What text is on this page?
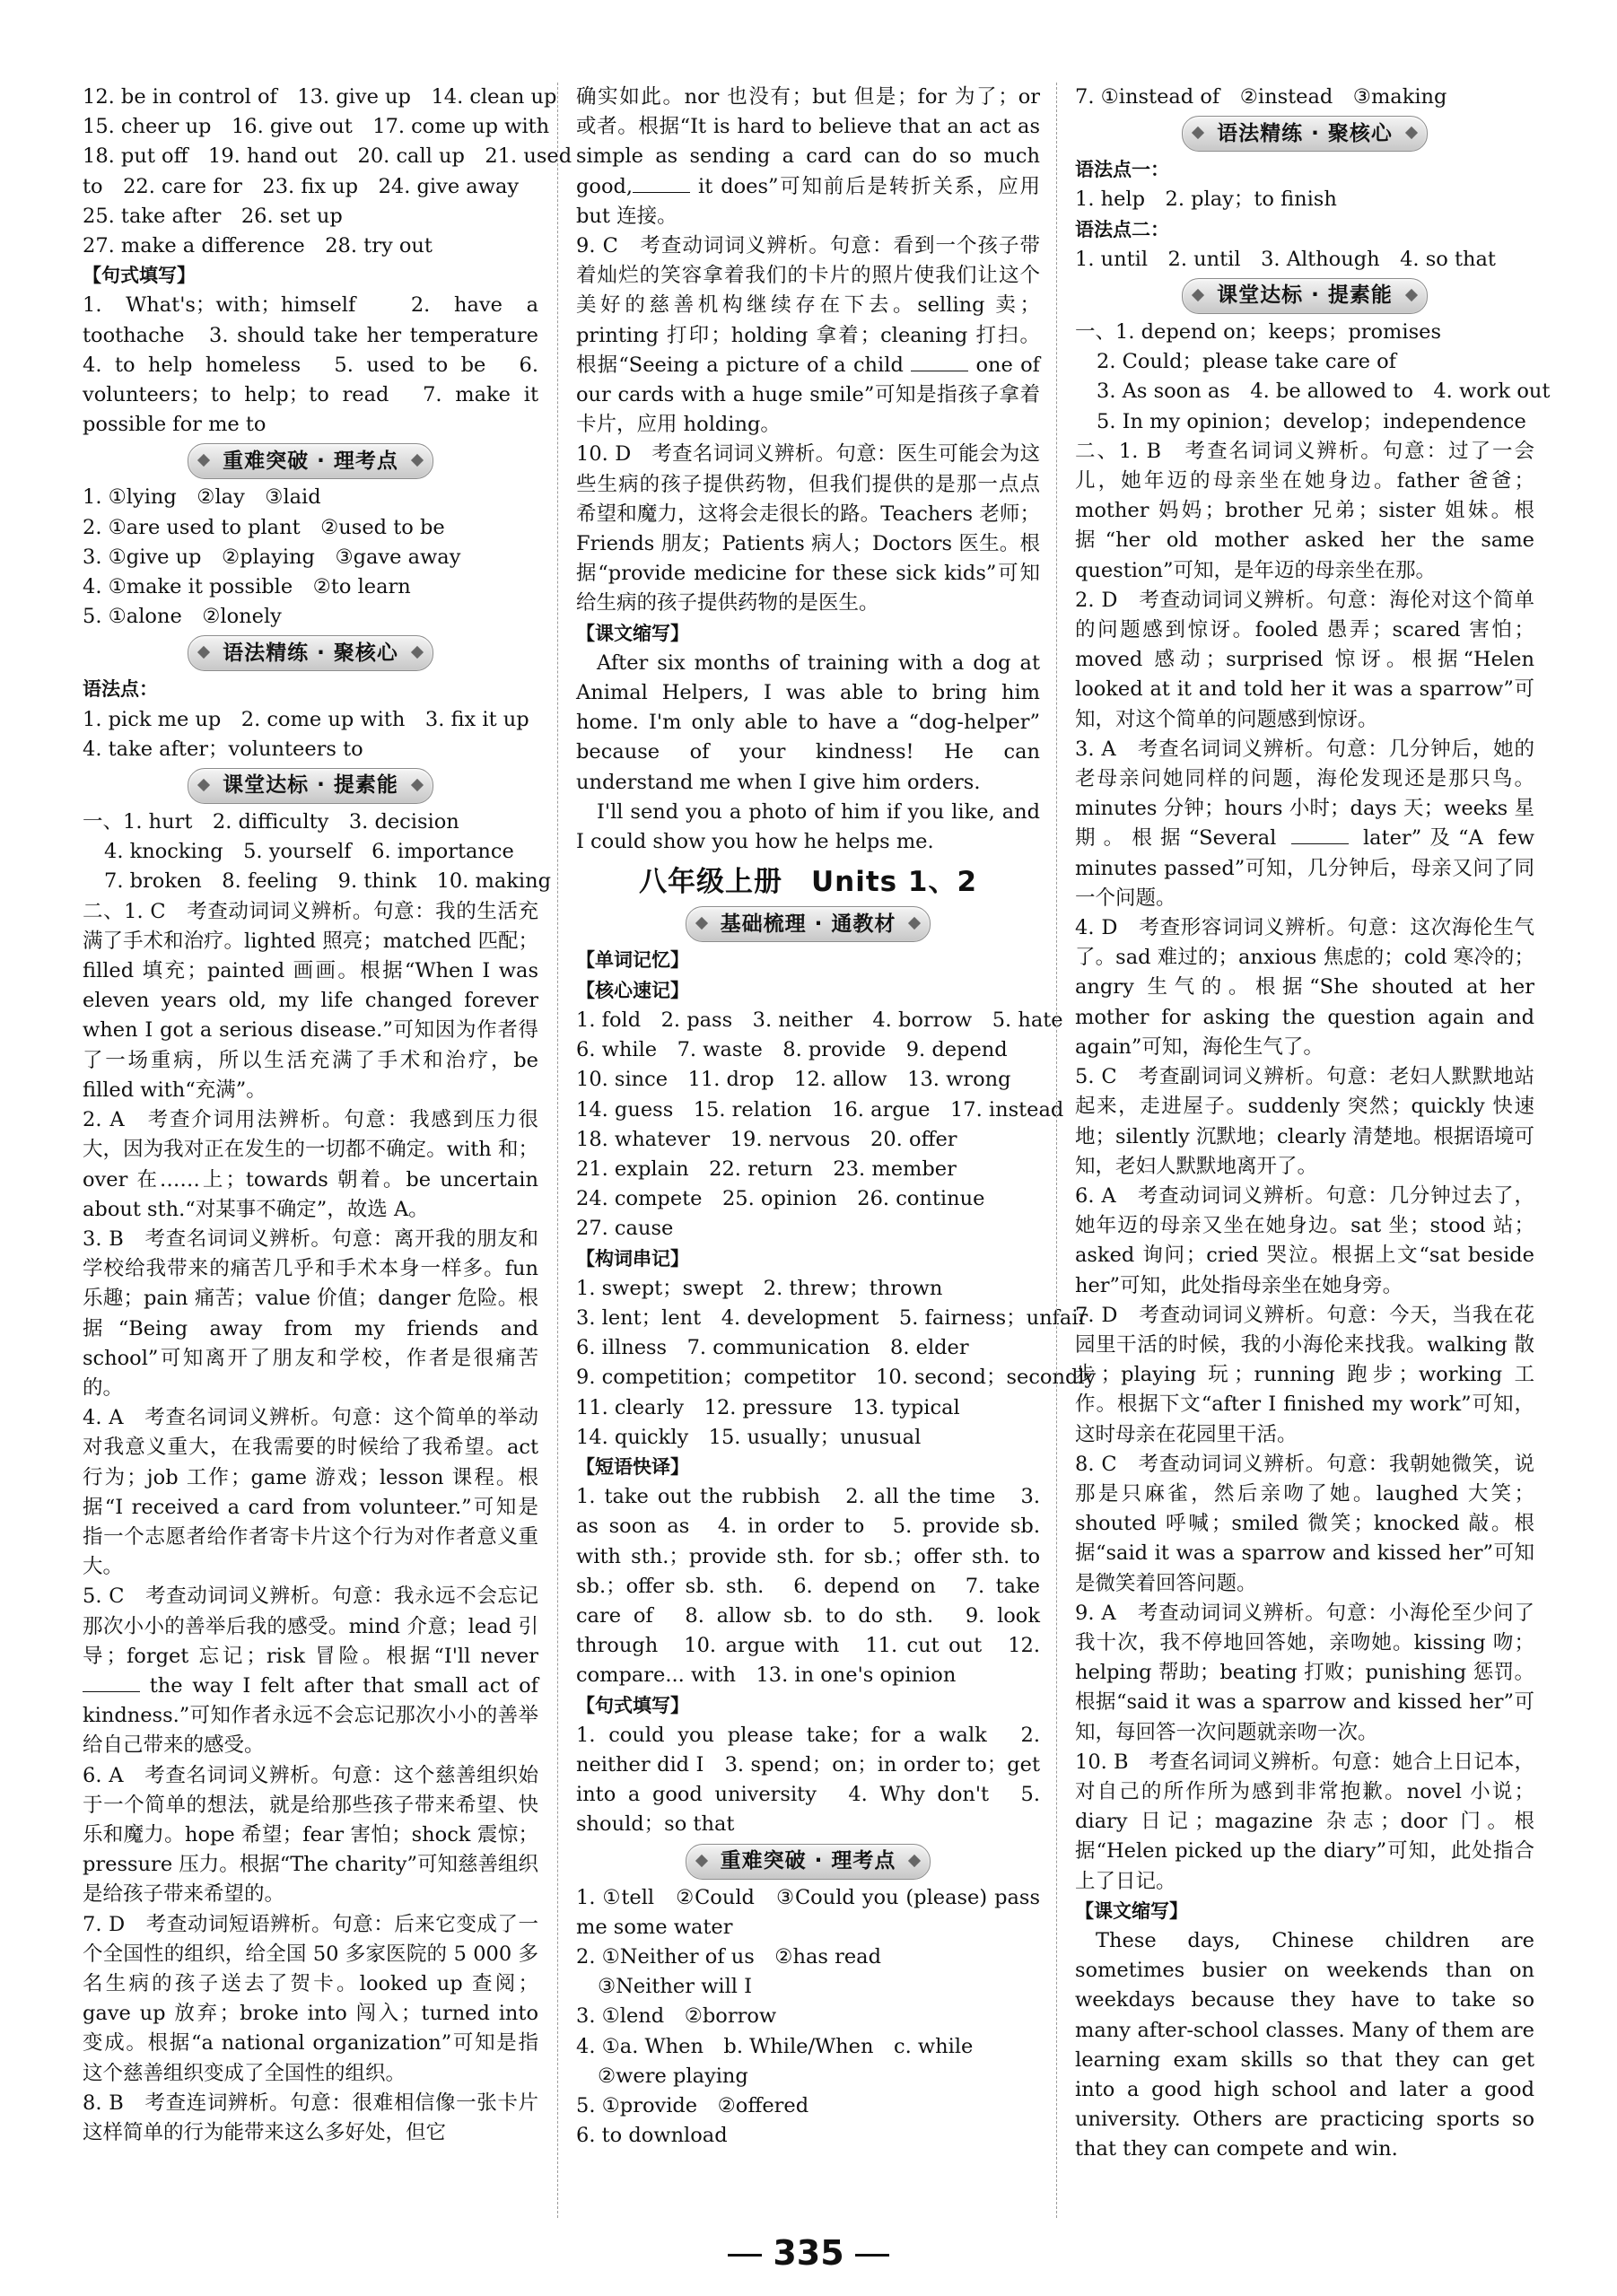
12. be in control of　13. give up　14. clean up
15. cheer up　16. give out　17. come up with
18. put off　19. hand out　20. call up　21. used
to　22. care for　23. fix up　24. give away
25. take after　26. set up
27. make a difference　28. try out
【句式填写】
1. What's；with；himself　2. have a toothache　3. should take her temperature　4. to help homeless　5. used to be　6. volunteers；to help；to read　7. make it possible for me to
重难突破 · 理考点
1. ①lying　②lay　③laid
2. ①are used to plant　②used to be
3. ①give up　②playing　③gave away
4. ①make it possible　②to learn
5. ①alone　②lonely
语法精练 · 聚核心
语法点：
1. pick me up　2. come up with　3. fix it up
4. take after；volunteers to
课堂达标 · 提素能
一、1. hurt　2. difficulty　3. decision
4. knocking　5. yourself　6. importance
7. broken　8. feeling　9. think　10. making
二、1. C　考查动词词义辨析。句意：我的生活充满了手术和治疗。lighted 照亮；matched 匹配；filled 填充；painted 画画。根据“When I was eleven years old, my life changed forever when I got a serious disease.”可知因为作者得了一场重病，所以生活充满了手术和治疗，be filled with“充满”。
2. A　考查介词用法辨析。句意：我感到压力很大，因为我对正在发生的一切都不确定。with 和；over 在……上；towards 朝着。be uncertain about sth.“对某事不确定”，故选 A。
3. B　考查名词词义辨析。句意：离开我的朋友和学校给我带来的痛苦几乎和手术本身一样多。fun 乐趣；pain 痛苦；value 价值；danger 危险。根据“Being away from my friends and school”可知离开了朋友和学校，作者是很痛苦的。
4. A　考查名词词义辨析。句意：这个简单的举动对我意义重大，在我需要的时候给了我希望。act 行为；job 工作；game 游戏；lesson 课程。根据“I received a card from volunteer.”可知是指一个志愿者给作者寄卡片这个行为对作者意义重大。
5. C　考查动词词义辨析。句意：我永远不会忘记那次小小的善举后我的感受。mind 介意；lead 引导；forget 忘记；risk 冒险。根据“I'll never  the way I felt after that small act of kindness.”可知作者永远不会忘记那次小小的善举给自己带来的感受。
6. A　考查名词词义辨析。句意：这个慈善组织始于一个简单的想法，就是给那些孩子带来希望、快乐和魔力。hope 希望；fear 害怕；shock 震惊；pressure 压力。根据“The charity”可知慈善组织是给孩子带来希望的。
7. D　考查动词短语辨析。句意：后来它变成了一个全国性的组织，给全国 50 多家医院的 5 000 多名生病的孩子送去了贺卡。looked up 查阅；gave up 放弃；broke into 闯入；turned into 变成。根据“a national organization”可知是指这个慈善组织变成了全国性的组织。
8. B　考查连词辨析。句意：很难相信像一张卡片这样简单的行为能带来这么多好处，但它
确实如此。nor 也没有；but 但是；for 为了；or 或者。根据“It is hard to believe that an act as simple as sending a card can do so much good,	it does”可知前后是转折关系，应用 but 连接。
9. C　考查动词词义辨析。句意：看到一个孩子带着灿烂的笑容拿着我们的卡片的照片使我们让这个美好的慈善机构继续存在下去。selling 卖；printing 打印；holding 拿着；cleaning 打扫。根据“Seeing a picture of a child	one of our cards with a huge smile”可知是指孩子拿着卡片，应用 holding。
10. D　考查名词词义辨析。句意：医生可能会为这些生病的孩子提供药物，但我们提供的是那一点点希望和魔力，这将会走很长的路。Teachers 老师；Friends 朋友；Patients 病人；Doctors 医生。根据“provide medicine for these sick kids”可知给生病的孩子提供药物的是医生。
【课文缩写】
After six months of training with a dog at Animal Helpers, I was able to bring him home. I'm only able to have a “dog-helper” because of your kindness! He can understand me when I give him orders.
I'll send you a photo of him if you like, and I could show you how he helps me.
八年级上册　Units 1、2
基础梳理 · 通教材
【单词记忆】
【核心速记】
1. fold　2. pass　3. neither　4. borrow　5. hate
6. while　7. waste　8. provide　9. depend
10. since　11. drop　12. allow　13. wrong
14. guess　15. relation　16. argue　17. instead
18. whatever　19. nervous　20. offer
21. explain　22. return　23. member
24. compete　25. opinion　26. continue
27. cause
【构词串记】
1. swept；swept　2. threw；thrown
3. lent；lent　4. development　5. fairness；unfair
6. illness　7. communication　8. elder
9. competition；competitor　10. second；secondly
11. clearly　12. pressure　13. typical
14. quickly　15. usually；unusual
【短语快译】
1. take out the rubbish　2. all the time　3. as soon as　4. in order to　5. provide sb. with sth.；provide sth. for sb.；offer sth. to sb.；offer sb. sth.　6. depend on　7. take care of　8. allow sb. to do sth.　9. look through　10. argue with　11. cut out　12. compare... with　13. in one's opinion
【句式填写】
1. could you please take；for a walk　2. neither did I　3. spend；on；in order to；get into a good university　4. Why don't　5. should；so that
重难突破 · 理考点
1. ①tell　②Could　③Could you (please) pass me some water
2. ①Neither of us　②has read
③Neither will I
3. ①lend　②borrow
4. ①a. When　b. While/When　c. while
②were playing
5. ①provide　②offered
6. to download
7. ①instead of　②instead　③making
语法精练 · 聚核心
语法点一：
1. help　2. play；to finish
语法点二：
1. until　2. until　3. Although　4. so that
课堂达标 · 提素能
一、1. depend on；keeps；promises
2. Could；please take care of
3. As soon as　4. be allowed to　4. work out
5. In my opinion；develop；independence
二、1. B　考查名词词义辨析。句意：过了一会儿，她年迈的母亲坐在她身边。father 爸爸；mother 妈妈；brother 兄弟；sister 姐妹。根据“her old mother asked her the same question”可知，是年迈的母亲坐在那。
2. D　考查动词词义辨析。句意：海伦对这个简单的问题感到惊讶。fooled 愚弄；scared 害怕；moved 感动；surprised 惊讶。根据“Helen looked at it and told her it was a sparrow”可知，对这个简单的问题感到惊讶。
3. A　考查名词词义辨析。句意：几分钟后，她的老母亲问她同样的问题，海伦发现还是那只鸟。minutes 分钟；hours 小时；days 天；weeks 星期。根据“Several	later”及“A few minutes passed”可知，几分钟后，母亲又问了同一个问题。
4. D　考查形容词词义辨析。句意：这次海伦生气了。sad 难过的；anxious 焦虑的；cold 寒冷的；angry 生气的。根据“She shouted at her mother for asking the question again and again”可知，海伦生气了。
5. C　考查副词词义辨析。句意：老妇人默默地站起来，走进屋子。suddenly 突然；quickly 快速地；silently 沉默地；clearly 清楚地。根据语境可知，老妇人默默地离开了。
6. A　考查动词词义辨析。句意：几分钟过去了，她年迈的母亲又坐在她身边。sat 坐；stood 站；asked 询问；cried 哭泣。根据上文“sat beside her”可知，此处指母亲坐在她身旁。
7. D　考查动词词义辨析。句意：今天，当我在花园里干活的时候，我的小海伦来找我。walking 散步；playing 玩；running 跑步；working 工作。根据下文“after I finished my work”可知，这时母亲在花园里干活。
8. C　考查动词词义辨析。句意：我朝她微笑，说那是只麻雀，然后亲吻了她。laughed 大笑；shouted 呼喊；smiled 微笑；knocked 敲。根据“said it was a sparrow and kissed her”可知是微笑着回答问题。
9. A　考查动词词义辨析。句意：小海伦至少问了我十次，我不停地回答她，亲吻她。kissing 吻；helping 帮助；beating 打败；punishing 惩罚。根据“said it was a sparrow and kissed her”可知，每回答一次问题就亲吻一次。
10. B　考查名词词义辨析。句意：她合上日记本，对自己的所作所为感到非常抱歉。novel 小说；diary 日记；magazine 杂志；door 门。根据“Helen picked up the diary”可知，此处指合上了日记。
【课文缩写】
These days, Chinese children are sometimes busier on weekends than on weekdays because they have to take so many after-school classes. Many of them are learning exam skills so that they can get into a good high school and later a good university. Others are practicing sports so that they can compete and win.
335
